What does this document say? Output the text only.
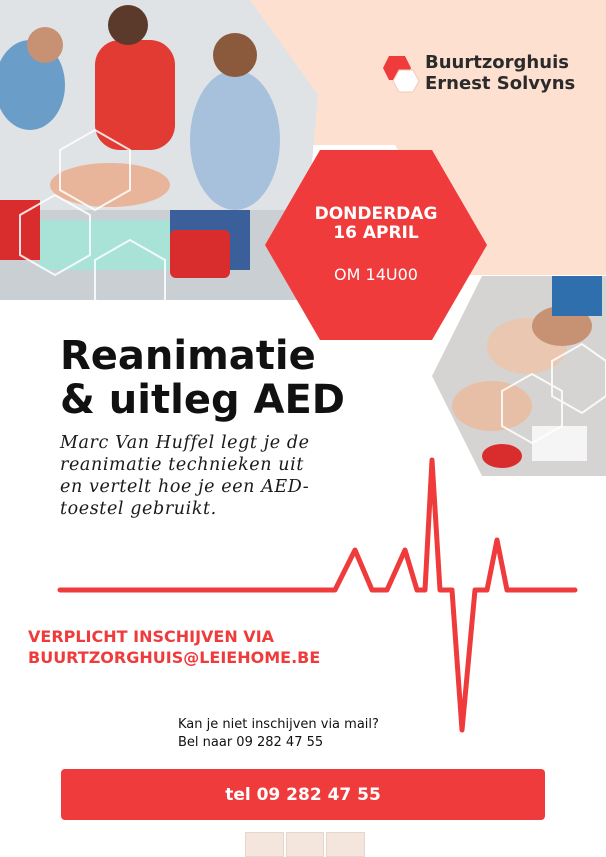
Buurtzorghuis
Ernest Solvyns
DONDERDAG
16 APRIL
OM 14U00
Reanimatie
& uitleg AED
Marc Van Huffel legt je de
reanimatie technieken uit
en vertelt hoe je een AED-
toestel gebruikt.
VERPLICHT INSCHIJVEN VIA
BUURTZORGHUIS@LEIEHOME.BE
Kan je niet inschijven via mail?
Bel naar 09 282 47 55
tel 09 282 47 55
